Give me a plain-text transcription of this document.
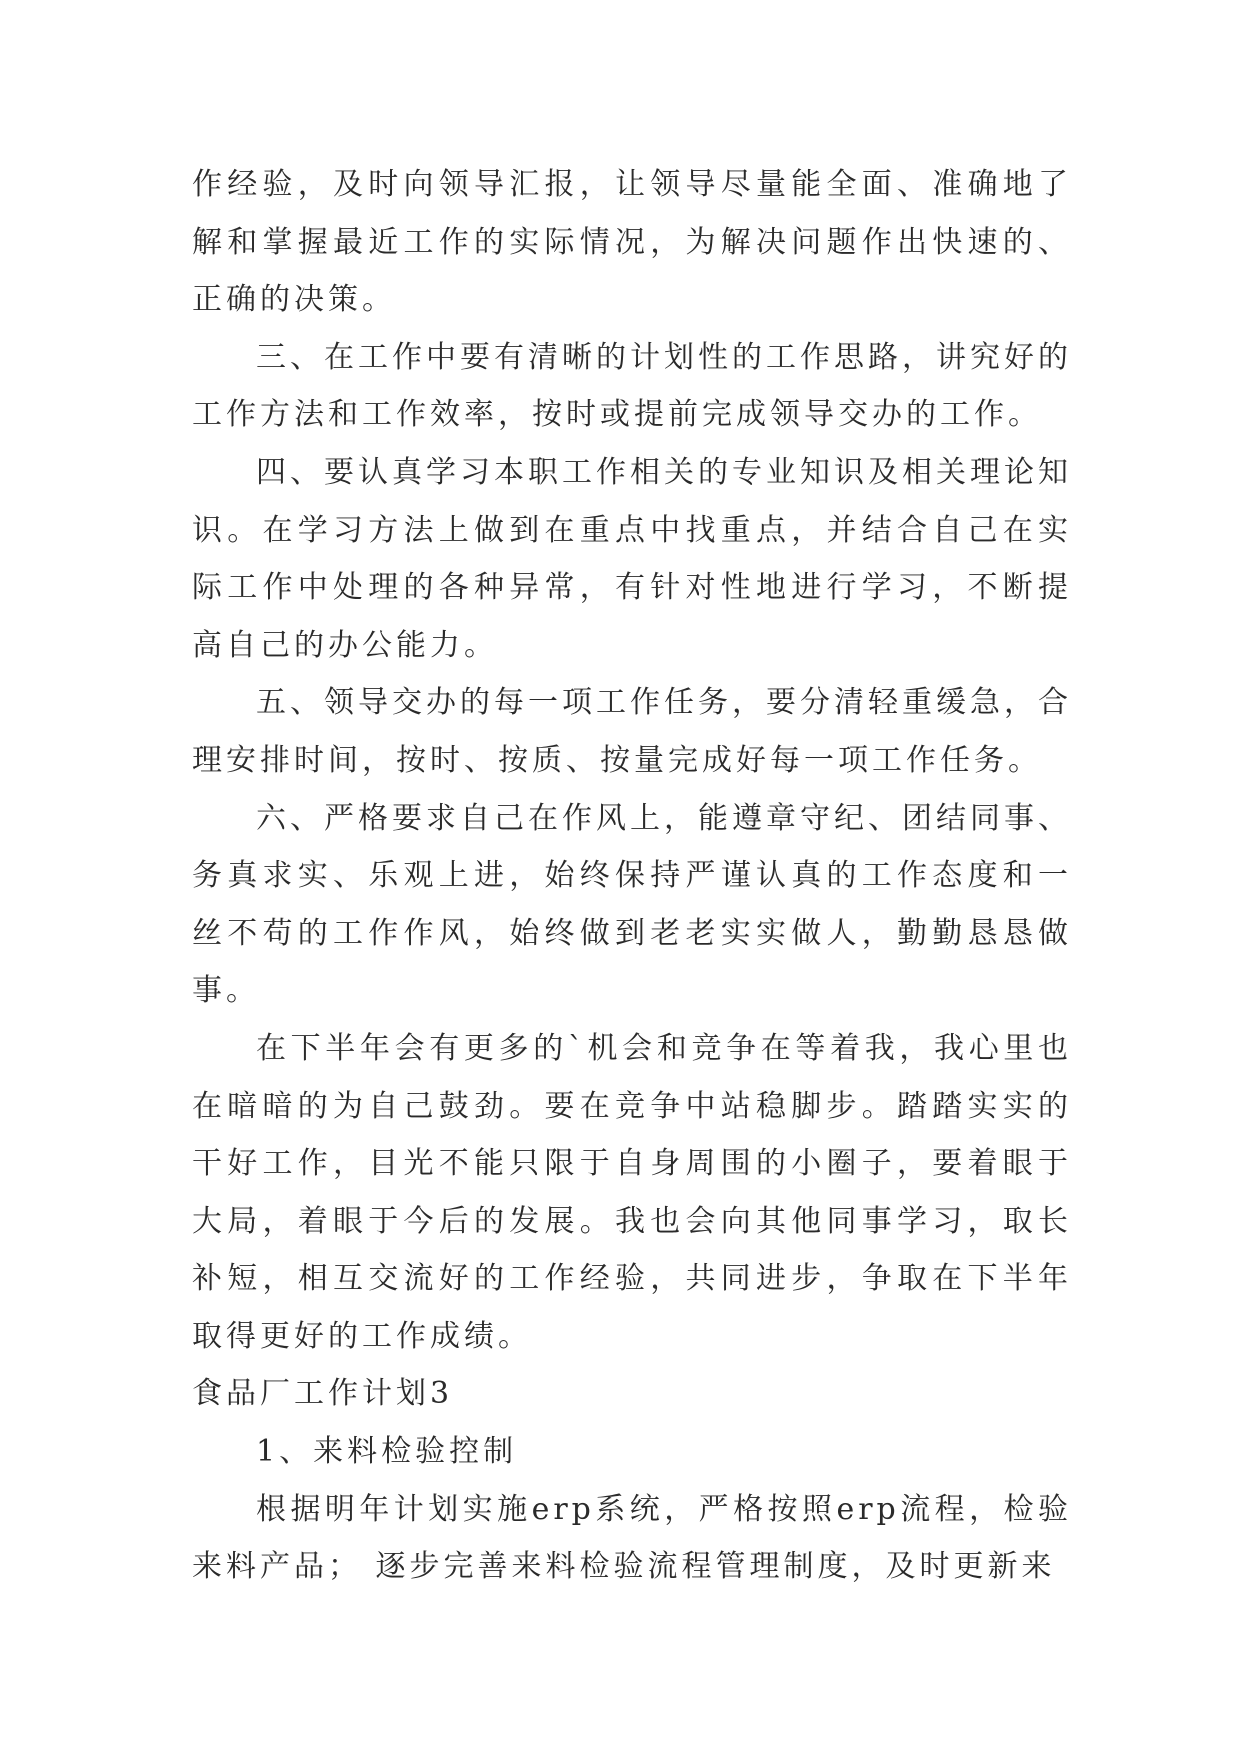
作经验，及时向领导汇报，让领导尽量能全面、准确地了解和掌握最近工作的实际情况，为解决问题作出快速的、正确的决策。

三、在工作中要有清晰的计划性的工作思路，讲究好的工作方法和工作效率，按时或提前完成领导交办的工作。

四、要认真学习本职工作相关的专业知识及相关理论知识。在学习方法上做到在重点中找重点，并结合自己在实际工作中处理的各种异常，有针对性地进行学习，不断提高自己的办公能力。

五、领导交办的每一项工作任务，要分清轻重缓急，合理安排时间，按时、按质、按量完成好每一项工作任务。

六、严格要求自己在作风上，能遵章守纪、团结同事、务真求实、乐观上进，始终保持严谨认真的工作态度和一丝不苟的工作作风，始终做到老老实实做人，勤勤恳恳做事。

在下半年会有更多的`机会和竞争在等着我，我心里也在暗暗的为自己鼓劲。要在竞争中站稳脚步。踏踏实实的干好工作，目光不能只限于自身周围的小圈子，要着眼于大局，着眼于今后的发展。我也会向其他同事学习，取长补短，相互交流好的工作经验，共同进步，争取在下半年取得更好的工作成绩。

食品厂工作计划3

1、来料检验控制

根据明年计划实施erp系统，严格按照erp流程，检验来料产品； 逐步完善来料检验流程管理制度，及时更新来
